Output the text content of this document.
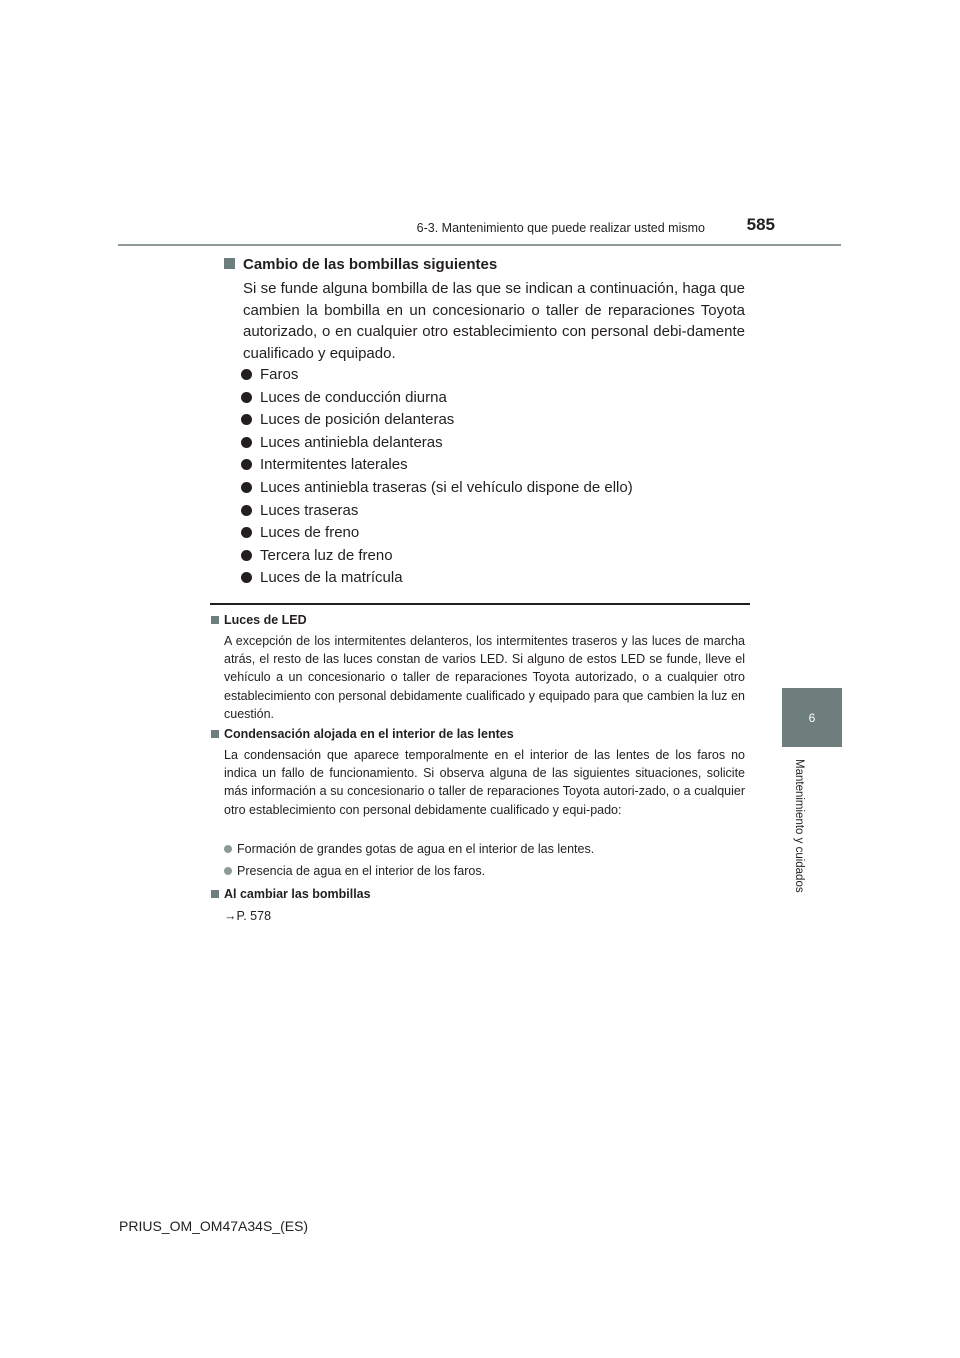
6-3. Mantenimiento que puede realizar usted mismo	585
6
Mantenimiento y cuidados
Cambio de las bombillas siguientes
Si se funde alguna bombilla de las que se indican a continuación, haga que cambien la bombilla en un concesionario o taller de reparaciones Toyota autorizado, o en cualquier otro establecimiento con personal debi-damente cualificado y equipado.
Faros
Luces de conducción diurna
Luces de posición delanteras
Luces antiniebla delanteras
Intermitentes laterales
Luces antiniebla traseras (si el vehículo dispone de ello)
Luces traseras
Luces de freno
Tercera luz de freno
Luces de la matrícula
Luces de LED
A excepción de los intermitentes delanteros, los intermitentes traseros y las luces de marcha atrás, el resto de las luces constan de varios LED. Si alguno de estos LED se funde, lleve el vehículo a un concesionario o taller de reparaciones Toyota autorizado, o a cualquier otro establecimiento con personal debidamente cualificado y equipado para que cambien la luz en cuestión.
Condensación alojada en el interior de las lentes
La condensación que aparece temporalmente en el interior de las lentes de los faros no indica un fallo de funcionamiento. Si observa alguna de las siguientes situaciones, solicite más información a su concesionario o taller de reparaciones Toyota autori-zado, o a cualquier otro establecimiento con personal debidamente cualificado y equi-pado:
Formación de grandes gotas de agua en el interior de las lentes.
Presencia de agua en el interior de los faros.
Al cambiar las bombillas
→P. 578
PRIUS_OM_OM47A34S_(ES)
